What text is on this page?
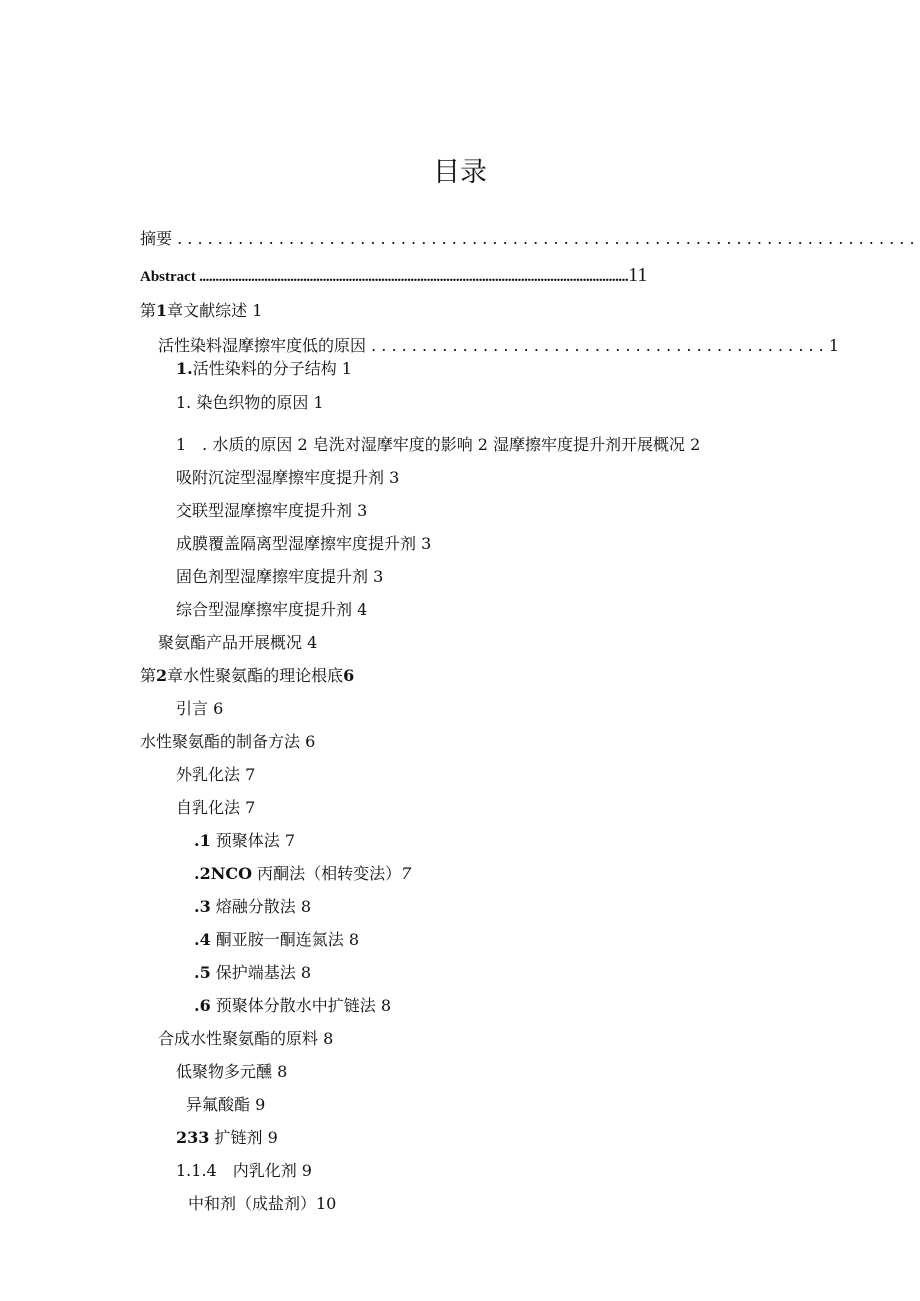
目录
摘要 . . . . . . . . . . . . . . . . . . . . . . . . . . . . . . . . . . . . . . . . . . . . . . . . . . . . . . . . . . . . . . . . . . . . . . . . .
Abstract ....................................................................................................................................11
第1章文献综述 1
活性染料湿摩擦牢度低的原因 . . . . . . . . . . . . . . . . . . . . . . . . . . . . . . . . . . . . . . . . . . . . . 1
1.活性染料的分子结构 1
1. 染色织物的原因 1
1　. 水质的原因 2 皂洗对湿摩牢度的影响 2 湿摩擦牢度提升剂开展概况 2
吸附沉淀型湿摩擦牢度提升剂 3
交联型湿摩擦牢度提升剂 3
成膜覆盖隔离型湿摩擦牢度提升剂 3
固色剂型湿摩擦牢度提升剂 3
综合型湿摩擦牢度提升剂 4
聚氨酯产品开展概况 4
第2章水性聚氨酯的理论根底6
引言 6
水性聚氨酯的制备方法 6
外乳化法 7
自乳化法 7
.1 预聚体法 7
.2NCO 丙酮法（相转变法）7
.3 熔融分散法 8
.4 酮亚胺一酮连氮法 8
.5 保护端基法 8
.6 预聚体分散水中扩链法 8
合成水性聚氨酯的原料 8
低聚物多元醺 8
异氟酸酯 9
233 扩链剂 9
1.1.4　内乳化剂 9
中和剂（成盐剂）10
